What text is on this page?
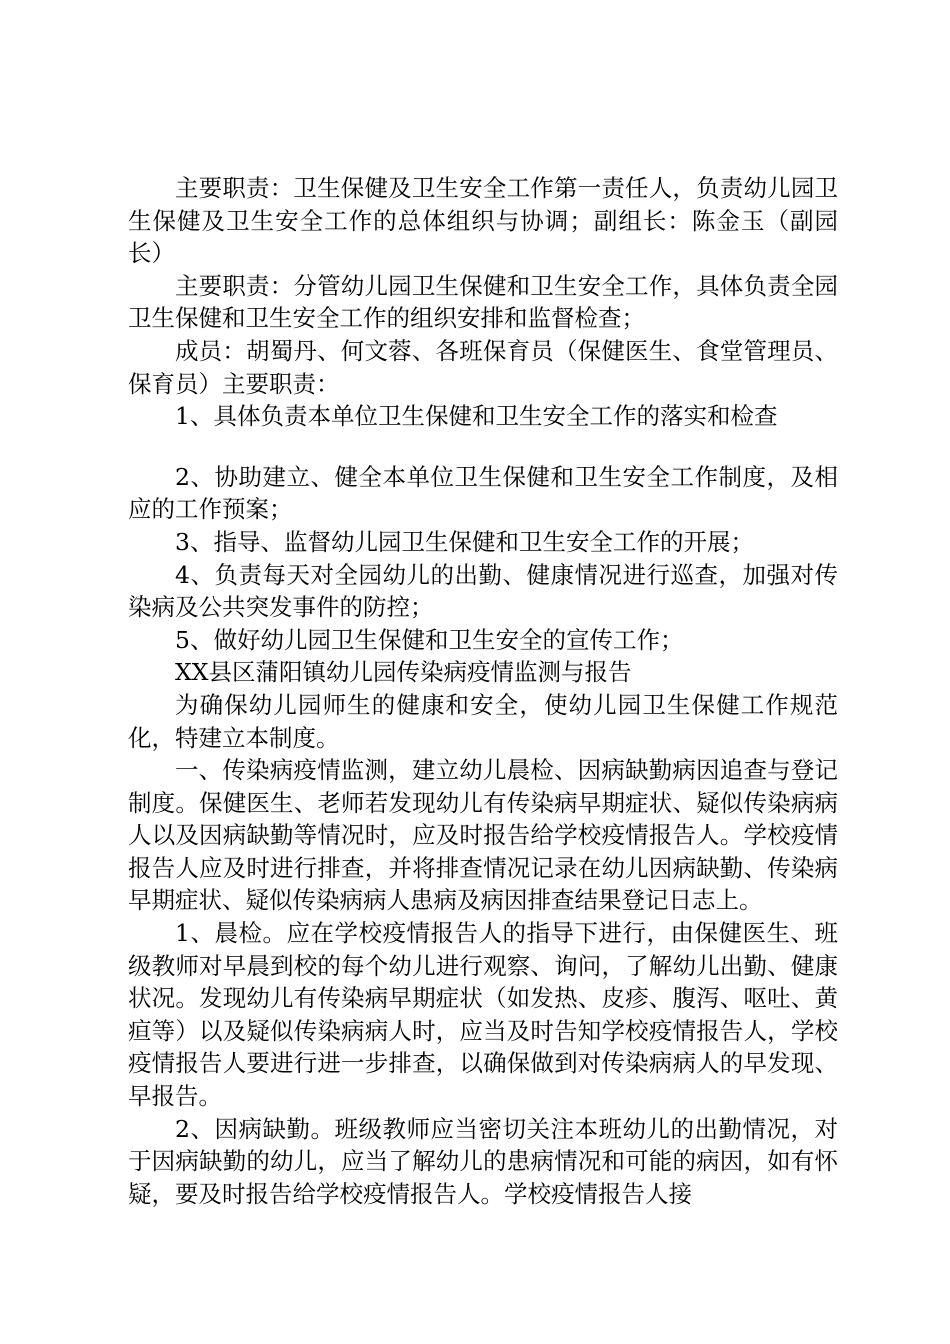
主要职责：卫生保健及卫生安全工作第一责任人，负责幼儿园卫生保健及卫生安全工作的总体组织与协调；副组长：陈金玉（副园长）

主要职责：分管幼儿园卫生保健和卫生安全工作，具体负责全园卫生保健和卫生安全工作的组织安排和监督检查；

成员：胡蜀丹、何文蓉、各班保育员（保健医生、食堂管理员、保育员）主要职责：

1、具体负责本单位卫生保健和卫生安全工作的落实和检查

2、协助建立、健全本单位卫生保健和卫生安全工作制度，及相应的工作预案；

3、指导、监督幼儿园卫生保健和卫生安全工作的开展；

4、负责每天对全园幼儿的出勤、健康情况进行巡查，加强对传染病及公共突发事件的防控；

5、做好幼儿园卫生保健和卫生安全的宣传工作；

XX县区蒲阳镇幼儿园传染病疫情监测与报告

为确保幼儿园师生的健康和安全，使幼儿园卫生保健工作规范化，特建立本制度。

一、传染病疫情监测，建立幼儿晨检、因病缺勤病因追查与登记制度。保健医生、老师若发现幼儿有传染病早期症状、疑似传染病病人以及因病缺勤等情况时，应及时报告给学校疫情报告人。学校疫情报告人应及时进行排查，并将排查情况记录在幼儿因病缺勤、传染病早期症状、疑似传染病病人患病及病因排查结果登记日志上。

1、晨检。应在学校疫情报告人的指导下进行，由保健医生、班级教师对早晨到校的每个幼儿进行观察、询问，了解幼儿出勤、健康状况。发现幼儿有传染病早期症状（如发热、皮疹、腹泻、呕吐、黄疸等）以及疑似传染病病人时，应当及时告知学校疫情报告人，学校疫情报告人要进行进一步排查，以确保做到对传染病病人的早发现、早报告。

2、因病缺勤。班级教师应当密切关注本班幼儿的出勤情况，对于因病缺勤的幼儿，应当了解幼儿的患病情况和可能的病因，如有怀疑，要及时报告给学校疫情报告人。学校疫情报告人接
